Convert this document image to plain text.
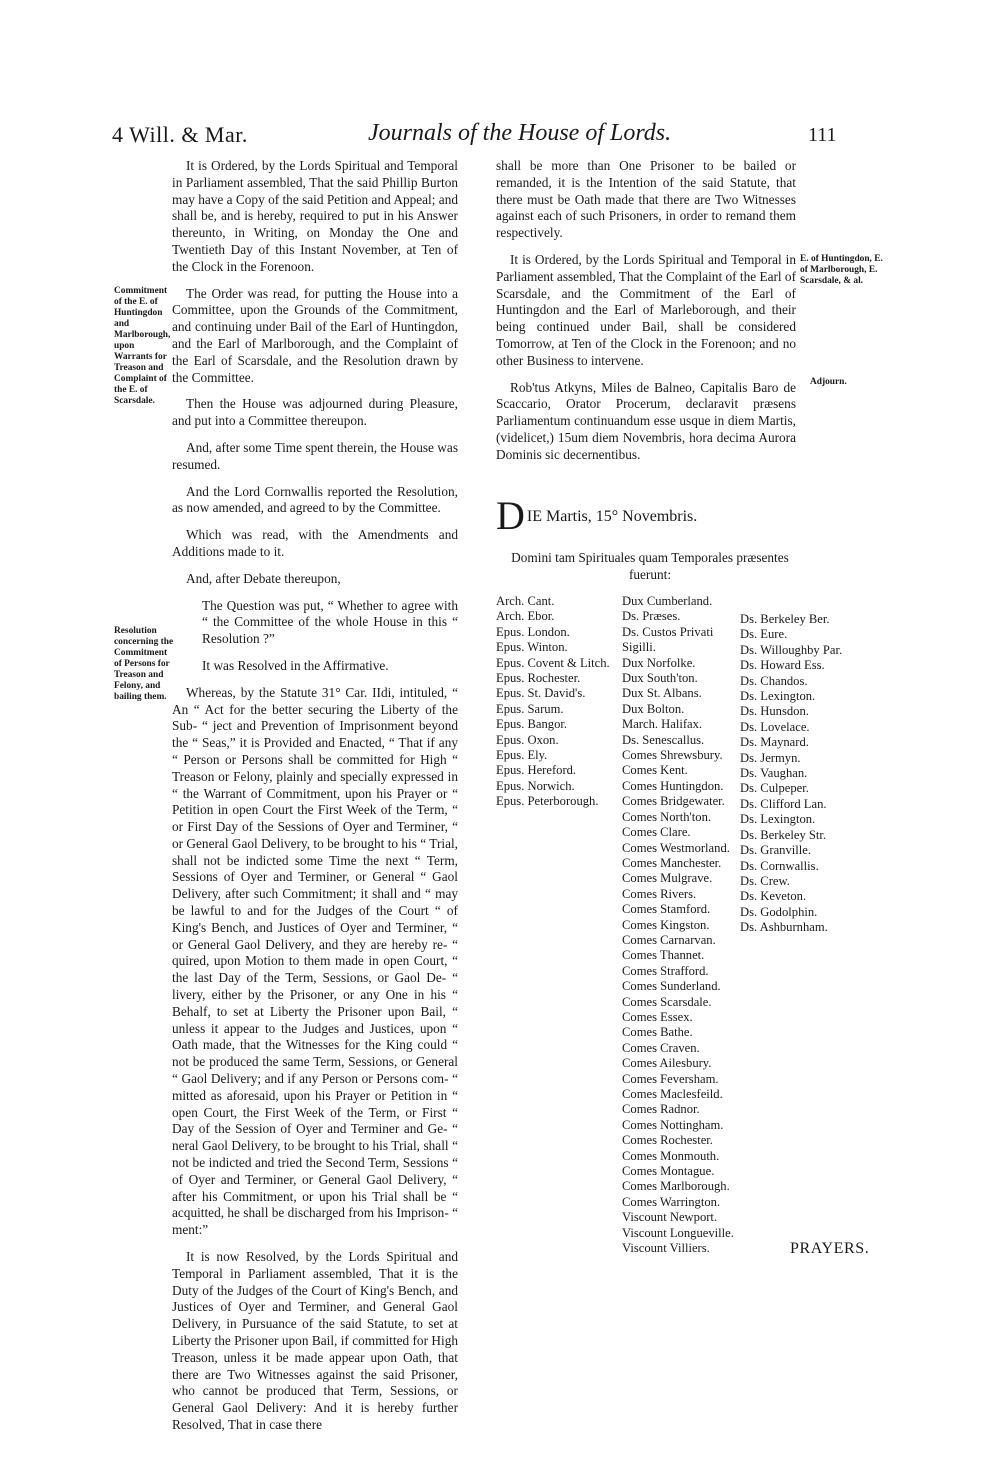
4 Will. & Mar.	Journals of the House of Lords.	111
Commitment of the E. of Huntingdon and Marlborough, upon Warrants for Treason and Complaint of the E. of Scarsdale.
Resolution concerning the Commitment of Persons for Treason and Felony, and bailing them.
E. of Huntingdon, E. of Marlborough, E. Scarsdale, & al.
Adjourn.

It is Ordered, by the Lords Spiritual and Temporal in Parliament assembled, That the said Phillip Burton may have a Copy of the said Petition and Appeal; and shall be, and is hereby, required to put in his Answer thereunto, in Writing, on Monday the One and Twentieth Day of this Instant November, at Ten of the Clock in the Forenoon.

The Order was read, for putting the House into a Committee, upon the Grounds of the Commitment, and continuing under Bail of the Earl of Huntingdon, and the Earl of Marlborough, and the Complaint of the Earl of Scarsdale, and the Resolution drawn by the Committee.

Then the House was adjourned during Pleasure, and put into a Committee thereupon.

And, after some Time spent therein, the House was resumed.

And the Lord Cornwallis reported the Resolution, as now amended, and agreed to by the Committee.

Which was read, with the Amendments and Additions made to it.

And, after Debate thereupon,

The Question was put, “ Whether to agree with “ the Committee of the whole House in this “ Resolution ?”

It was Resolved in the Affirmative.

Whereas, by the Statute 31° Car. IIdi, intituled, “ An “ Act for the better securing the Liberty of the Sub- “ ject and Prevention of Imprisonment beyond the “ Seas,” it is Provided and Enacted, “ That if any “ Person or Persons shall be committed for High “ Treason or Felony, plainly and specially expressed in “ the Warrant of Commitment, upon his Prayer or “ Petition in open Court the First Week of the Term, “ or First Day of the Sessions of Oyer and Terminer, “ or General Gaol Delivery, to be brought to his “ Trial, shall not be indicted some Time the next “ Term, Sessions of Oyer and Terminer, or General “ Gaol Delivery, after such Commitment; it shall and “ may be lawful to and for the Judges of the Court “ of King's Bench, and Justices of Oyer and Terminer, “ or General Gaol Delivery, and they are hereby re- “ quired, upon Motion to them made in open Court, “ the last Day of the Term, Sessions, or Gaol De- “ livery, either by the Prisoner, or any One in his “ Behalf, to set at Liberty the Prisoner upon Bail, “ unless it appear to the Judges and Justices, upon “ Oath made, that the Witnesses for the King could “ not be produced the same Term, Sessions, or General “ Gaol Delivery; and if any Person or Persons com- “ mitted as aforesaid, upon his Prayer or Petition in “ open Court, the First Week of the Term, or First “ Day of the Session of Oyer and Terminer and Ge- “ neral Gaol Delivery, to be brought to his Trial, shall “ not be indicted and tried the Second Term, Sessions “ of Oyer and Terminer, or General Gaol Delivery, “ after his Commitment, or upon his Trial shall be “ acquitted, he shall be discharged from his Imprison- “ ment:”

It is now Resolved, by the Lords Spiritual and Temporal in Parliament assembled, That it is the Duty of the Judges of the Court of King's Bench, and Justices of Oyer and Terminer, and General Gaol Delivery, in Pursuance of the said Statute, to set at Liberty the Prisoner upon Bail, if committed for High Treason, unless it be made appear upon Oath, that there are Two Witnesses against the said Prisoner, who cannot be produced that Term, Sessions, or General Gaol Delivery: And it is hereby further Resolved, That in case there

shall be more than One Prisoner to be bailed or remanded, it is the Intention of the said Statute, that there must be Oath made that there are Two Witnesses against each of such Prisoners, in order to remand them respectively.

It is Ordered, by the Lords Spiritual and Temporal in Parliament assembled, That the Complaint of the Earl of Scarsdale, and the Commitment of the Earl of Huntingdon and the Earl of Marleborough, and their being continued under Bail, shall be considered Tomorrow, at Ten of the Clock in the Forenoon; and no other Business to intervene.

Rob'tus Atkyns, Miles de Balneo, Capitalis Baro de Scaccario, Orator Procerum, declaravit præsens Parliamentum continuandum esse usque in diem Martis, (videlicet,) 15um diem Novembris, hora decima Aurora Dominis sic decernentibus.

DIE Martis, 15° Novembris.
Domini tam Spirituales quam Temporales præsentes fuerunt:
Arch. Cant.
Arch. Ebor.
Epus. London.
Epus. Winton.
Epus. Covent & Litch.
Epus. Rochester.
Epus. St. David's.
Epus. Sarum.
Epus. Bangor.
Epus. Oxon.
Epus. Ely.
Epus. Hereford.
Epus. Norwich.
Epus. Peterborough.
Dux Cumberland.
Ds. Præses.
Ds. Custos Privati Sigilli.
Dux Norfolke.
Dux South'ton.
Dux St. Albans.
Dux Bolton.
March. Halifax.
Ds. Senescallus.
Comes Shrewsbury.
Comes Kent.
Comes Huntingdon.
Comes Bridgewater.
Comes North'ton.
Comes Clare.
Comes Westmorland.
Comes Manchester.
Comes Mulgrave.
Comes Rivers.
Comes Stamford.
Comes Kingston.
Comes Carnarvan.
Comes Thannet.
Comes Strafford.
Comes Sunderland.
Comes Scarsdale.
Comes Essex.
Comes Bathe.
Comes Craven.
Comes Ailesbury.
Comes Feversham.
Comes Maclesfeild.
Comes Radnor.
Comes Nottingham.
Comes Rochester.
Comes Monmouth.
Comes Montague.
Comes Marlborough.
Comes Warrington.
Viscount Newport.
Viscount Longueville.
Viscount Villiers.
Ds. Berkeley Ber.
Ds. Eure.
Ds. Willoughby Par.
Ds. Howard Ess.
Ds. Chandos.
Ds. Lexington.
Ds. Hunsdon.
Ds. Lovelace.
Ds. Maynard.
Ds. Jermyn.
Ds. Vaughan.
Ds. Culpeper.
Ds. Clifford Lan.
Ds. Lexington.
Ds. Berkeley Str.
Ds. Granville.
Ds. Cornwallis.
Ds. Crew.
Ds. Keveton.
Ds. Godolphin.
Ds. Ashburnham.
PRAYERS.
